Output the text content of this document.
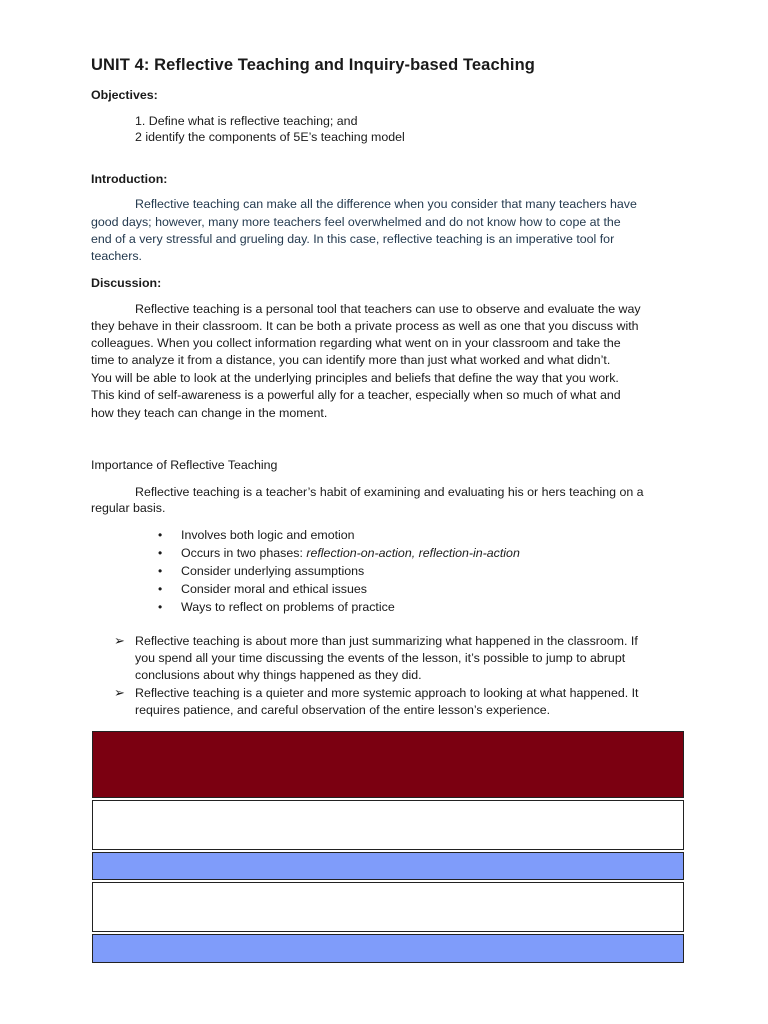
UNIT 4: Reflective Teaching and Inquiry-based Teaching
Objectives:
1. Define what is reflective teaching; and
2 identify the components of 5E’s teaching model
Introduction:
Reflective teaching can make all the difference when you consider that many teachers have
good days; however, many more teachers feel overwhelmed and do not know how to cope at the
end of a very stressful and grueling day. In this case, reflective teaching is an imperative tool for
teachers.
Discussion:
Reflective teaching is a personal tool that teachers can use to observe and evaluate the way
they behave in their classroom. It can be both a private process as well as one that you discuss with
colleagues. When you collect information regarding what went on in your classroom and take the
time to analyze it from a distance, you can identify more than just what worked and what didn’t.
You will be able to look at the underlying principles and beliefs that define the way that you work.
This kind of self-awareness is a powerful ally for a teacher, especially when so much of what and
how they teach can change in the moment.
Importance of Reflective Teaching
Reflective teaching is a teacher’s habit of examining and evaluating his or hers teaching on a
regular basis.
• Involves both logic and emotion
• Occurs in two phases: reflection-on-action, reflection-in-action
• Consider underlying assumptions
• Consider moral and ethical issues
• Ways to reflect on problems of practice
➢ Reflective teaching is about more than just summarizing what happened in the classroom. If
you spend all your time discussing the events of the lesson, it’s possible to jump to abrupt
conclusions about why things happened as they did.
➢ Reflective teaching is a quieter and more systemic approach to looking at what happened. It
requires patience, and careful observation of the entire lesson’s experience.
